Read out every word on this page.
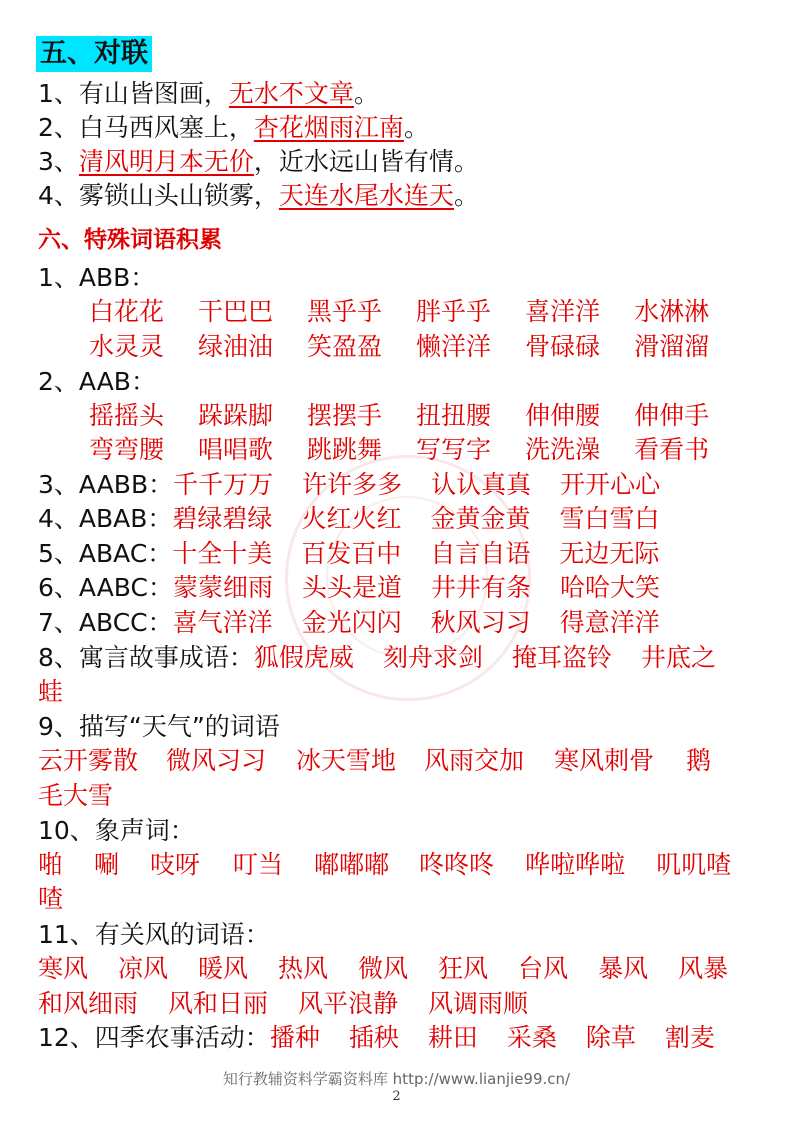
五、对联
1、有山皆图画，无水不文章。
2、白马西风塞上，杏花烟雨江南。
3、清风明月本无价，近水远山皆有情。
4、雾锁山头山锁雾，天连水尾水连天。
六、特殊词语积累
1、ABB：
白花花 干巴巴 黑乎乎 胖乎乎 喜洋洋 水淋淋
水灵灵 绿油油 笑盈盈 懒洋洋 骨碌碌 滑溜溜
2、AAB：
摇摇头 跺跺脚 摆摆手 扭扭腰 伸伸腰 伸伸手
弯弯腰 唱唱歌 跳跳舞 写写字 洗洗澡 看看书
3、AABB：千千万万 许许多多 认认真真 开开心心
4、ABAB：碧绿碧绿 火红火红 金黄金黄 雪白雪白
5、ABAC：十全十美 百发百中 自言自语 无边无际
6、AABC：蒙蒙细雨 头头是道 井井有条 哈哈大笑
7、ABCC：喜气洋洋 金光闪闪 秋风习习 得意洋洋
8、寓言故事成语：狐假虎威 刻舟求剑 掩耳盗铃 井底之
蛙
9、描写“天气”的词语
云开雾散 微风习习 冰天雪地 风雨交加 寒风刺骨 鹅
毛大雪
10、象声词：
啪 唰 吱呀 叮当 嘟嘟嘟 咚咚咚 哗啦哗啦 叽叽喳
喳
11、有关风的词语：
寒风 凉风 暖风 热风 微风 狂风 台风 暴风 风暴
和风细雨 风和日丽 风平浪静 风调雨顺
12、四季农事活动：播种 插秧 耕田 采桑 除草 割麦
知行教辅资料学霸资料库 http://www.lianjie99.cn/
2
